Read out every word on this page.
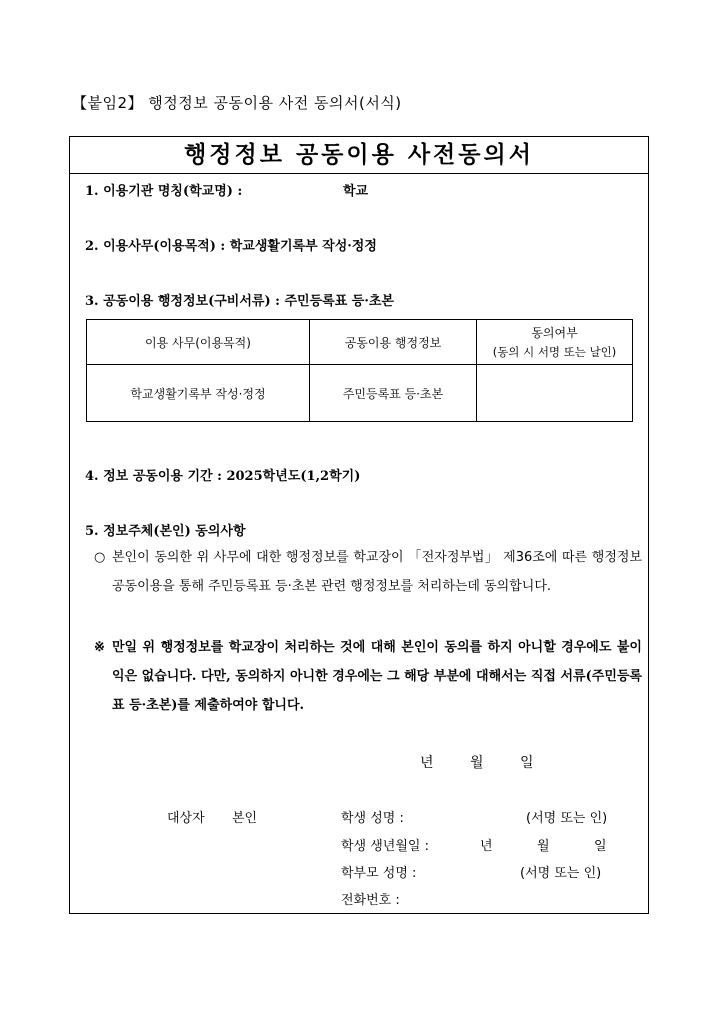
【붙임2】 행정정보 공동이용 사전 동의서(서식)
행정정보 공동이용 사전동의서
1. 이용기관 명칭(학교명) :	학교
2. 이용사무(이용목적) : 학교생활기록부 작성·정정
3. 공동이용 행정정보(구비서류) : 주민등록표 등·초본
이용 사무(이용목적)	공동이용 행정정보	동의여부
(동의 시 서명 또는 날인)

학교생활기록부 작성·정정	주민등록표 등·초본	
4. 정보 공동이용 기간 : 2025학년도(1,2학기)
5. 정보주체(본인) 동의사항
○ 본인이 동의한 위 사무에 대한 행정정보를 학교장이 「전자정부법」 제36조에 따른 행정정보 공동이용을 통해 주민등록표 등·초본 관련 행정정보를 처리하는데 동의합니다.
※ 만일 위 행정정보를 학교장이 처리하는 것에 대해 본인이 동의를 하지 아니할 경우에도 불이익은 없습니다. 다만, 동의하지 아니한 경우에는 그 해당 부분에 대해서는 직접 서류(주민등록표 등·초본)를 제출하여야 합니다.
년	월	일
대상자 본인	학생 성명 :	(서명 또는 인)
학생 생년월일 :	년	월	일
학부모 성명 :	(서명 또는 인)
전화번호 :
